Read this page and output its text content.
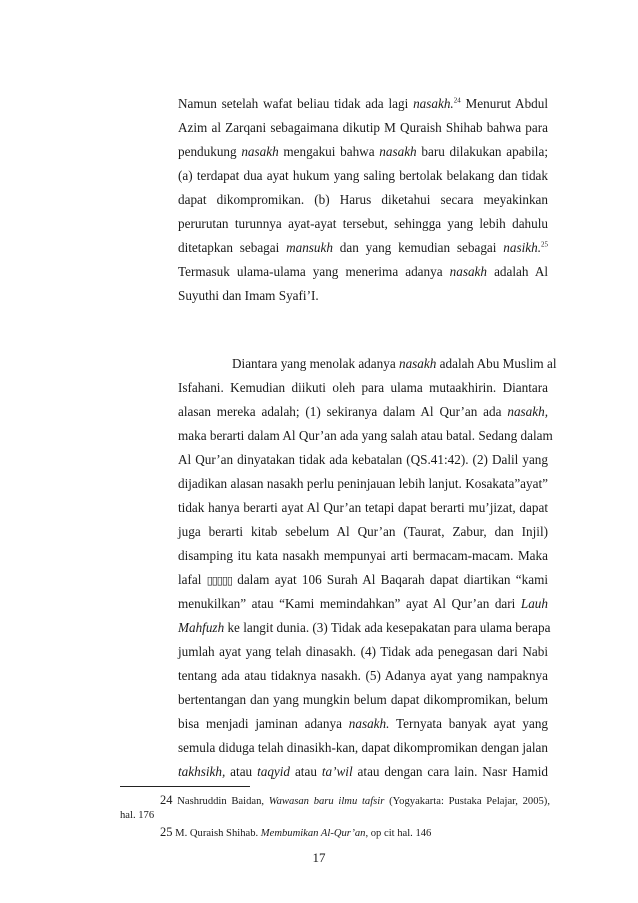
Namun setelah wafat beliau tidak ada lagi nasakh.$^{24}$ Menurut Abdul
Azim al Zarqani sebagaimana dikutip M Quraish Shihab bahwa para
pendukung nasakh mengakui bahwa nasakh baru dilakukan apabila;
(a) terdapat dua ayat hukum yang saling bertolak belakang dan tidak
dapat dikompromikan. (b) Harus diketahui secara meyakinkan
perurutan turunnya ayat-ayat tersebut, sehingga yang lebih dahulu
ditetapkan sebagai mansukh dan yang kemudian sebagai nasikh.$^{25}$
Termasuk ulama-ulama yang menerima adanya nasakh adalah Al
Suyuthi dan Imam Syafi’I.
Diantara yang menolak adanya nasakh adalah Abu Muslim al
Isfahani. Kemudian diikuti oleh para ulama mutaakhirin. Diantara
alasan mereka adalah; (1) sekiranya dalam Al Qur’an ada nasakh,
maka berarti dalam Al Qur’an ada yang salah atau batal. Sedang dalam
Al Qur’an dinyatakan tidak ada kebatalan (QS.41:42). (2) Dalil yang
dijadikan alasan nasakh perlu peninjauan lebih lanjut. Kosakata”ayat”
tidak hanya berarti ayat Al Qur’an tetapi dapat berarti mu’jizat, dapat
juga berarti kitab sebelum Al Qur’an (Taurat, Zabur, dan Injil)
disamping itu kata nasakh mempunyai arti bermacam-macam. Maka
lafal ▯▯▯▯▯ dalam ayat 106 Surah Al Baqarah dapat diartikan “kami
menukilkan” atau “Kami memindahkan” ayat Al Qur’an dari Lauh
Mahfuzh ke langit dunia. (3) Tidak ada kesepakatan para ulama berapa
jumlah ayat yang telah dinasakh. (4) Tidak ada penegasan dari Nabi
tentang ada atau tidaknya nasakh. (5) Adanya ayat yang nampaknya
bertentangan dan yang mungkin belum dapat dikompromikan, belum
bisa menjadi jaminan adanya nasakh. Ternyata banyak ayat yang
semula diduga telah dinasikh-kan, dapat dikompromikan dengan jalan
takhsikh, atau taqyid atau ta’wil atau dengan cara lain. Nasr Hamid
24 Nashruddin Baidan, Wawasan baru ilmu tafsir (Yogyakarta: Pustaka Pelajar, 2005),
hal. 176
25 M. Quraish Shihab. Membumikan Al-Qur’an, op cit hal. 146
17
